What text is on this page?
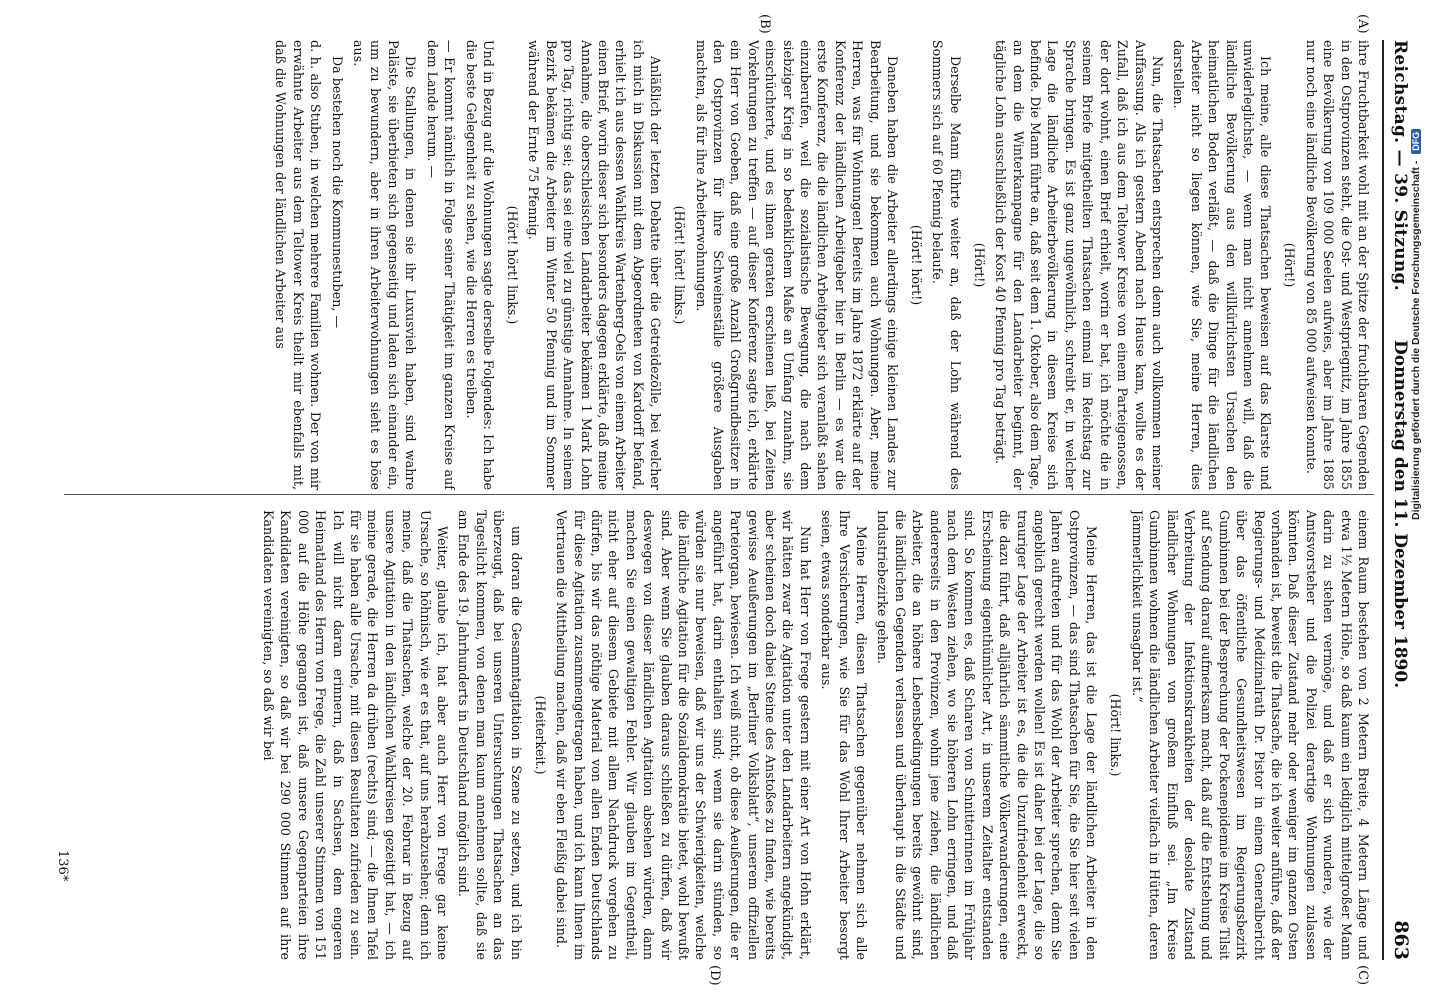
Reichstag. — 39. Sitzung.
Donnerstag den 11. Dezember 1890.
863
(A)
(B)
(C)
(D)

ihre Fruchtbarkeit wohl mit an der Spitze der fruchtbaren Gegenden in den Ostprovinzen steht, die Ost- und Westpriegnitz, im Jahre 1855 eine Bevölkerung von 109 000 Seelen aufwies, aber im Jahre 1885 nur noch eine ländliche Bevölkerung von 85 000 aufweisen konnte.

(Hört!)

Ich meine, alle diese Thatsachen beweisen auf das Klarste und unwiderleglichste, — wenn man nicht annehmen will, daß die ländliche Bevölkerung aus den willkürlichsten Ursachen den heimatlichen Boden verläßt, — daß die Dinge für die ländlichen Arbeiter nicht so liegen können, wie Sie, meine Herren, dies darstellen.

Nun, die Thatsachen entsprechen denn auch vollkommen meiner Auffassung. Als ich gestern Abend nach Hause kam, wollte es der Zufall, daß ich aus dem Teltower Kreise von einem Parteigenossen, der dort wohnt, einen Brief erhielt, worin er bat, ich möchte die in seinem Briefe mitgetheilten Thatsachen einmal im Reichstag zur Sprache bringen. Es ist ganz ungewöhnlich, schreibt er, in welcher Lage die ländliche Arbeiterbevölkerung in diesem Kreise sich befinde. Die Mann führte an, daß seit dem 1. Oktober, also dem Tage, an dem die Winterkampagne für den Landarbeiter beginnt, der tägliche Lohn ausschließlich der Kost 40 Pfennig pro Tag beträgt.

(Hört!)

Derselbe Mann führte weiter an, daß der Lohn während des Sommers sich auf 60 Pfennig belaufe.

(Hört! hört!)

Daneben haben die Arbeiter allerdings einige kleinen Landes zur Bearbeitung, und sie bekommen auch Wohnungen. Aber, meine Herren, was für Wohnungen! Bereits im Jahre 1872 erklärte auf der Konferenz der ländlichen Arbeitgeber hier in Berlin — es war die erste Konferenz, die die ländlichen Arbeitgeber sich veranlaßt sahen einzuberufen, weil die sozialistische Bewegung, die nach dem siebziger Krieg in so bedenklichem Maße an Umfang zunahm, sie einschüchterte, und es ihnen geraten erschienen ließ, bei Zeiten Vorkehrungen zu treffen — auf dieser Konferenz sagte ich, erklärte ein Herr von Goeben, daß eine große Anzahl Großgrundbesitzer in den Ostprovinzen für ihre Schweineställe größere Ausgaben machten, als für ihre Arbeiterwohnungen.

(Hört! hört! links.)

Anläßlich der letzten Debatte über die Getreidezölle, bei welcher ich mich in Diskussion mit dem Abgeordneten von Kardorff befand, erhielt ich aus dessen Wahlkreis Wartenberg-Oels von einem Arbeiter einen Brief, worin dieser sich besonders dagegen erklärte, daß meine Annahme, die oberschlesischen Landarbeiter bekämen 1 Mark Lohn pro Tag, richtig sei; das sei eine viel zu günstige Annahme. In seinem Bezirk bekämen die Arbeiter im Winter 50 Pfennig und im Sommer während der Ernte 75 Pfennig.

(Hört! hört! links.)

Und in Bezug auf die Wohnungen sagte derselbe Folgendes: Ich habe die beste Gelegenheit zu sehen, wie die Herren es treiben.

— Er kommt nämlich in Folge seiner Thätigkeit im ganzen Kreise auf dem Lande herum. —

Die Stallungen, in denen sie ihr Luxusvieh haben, sind wahre Paläste, sie überbieten sich gegenseitig und laden sich einander ein, um zu bewundern, aber in ihren Arbeiterwohnungen sieht es böse aus.

Da bestehen noch die Kommunestuben, —

d. h. also Stuben, in welchen mehrere Familien wohnen. Der von mir erwähnte Arbeiter aus dem Teltower Kreis theilt mir ebenfalls mit, daß die Wohnungen der ländlichen Arbeiter aus

einem Raum bestehen von 2 Metern Breite, 4 Metern Länge und etwa 1½ Metern Höhe, so daß kaum ein lediglich mittelgroßer Mann darin zu stehen vermöge, und daß er sich wundere, wie der Amtsvorsteher und die Polizei derartige Wohnungen zulassen könnten. Daß dieser Zustand mehr oder weniger im ganzen Osten vorhanden ist, beweist die Thatsache, die ich weiter anführe, daß der Regierungs- und Medizinalrath Dr. Pistor in einem Generalbericht über das öffentliche Gesundheitswesen im Regierungsbezirk Gumbinnen bei der Besprechung der Pockenepidemie im Kreise Tilsit auf Sendung darauf aufmerksam macht, daß auf die Entstehung und Verbreitung der Infektionskrankheiten der desolate Zustand ländlicher Wohnungen von großem Einfluß sei. „Im Kreise Gumbinnen wohnen die ländlichen Arbeiter vielfach in Hütten, deren Jämmerlichkeit unsagbar ist.“

(Hört! links.)

Meine Herren, das ist die Lage der ländlichen Arbeiter in den Ostprovinzen, — das sind Thatsachen für Sie, die Sie hier seit vielen Jahren auftreten und für das Wohl der Arbeiter sprechen, denn Sie angeblich gerecht werden wollen! Es ist daher bei der Lage, die so trauriger Lage der Arbeiter ist es, die die Unzufriedenheit erweckt, die dazu führt, daß alljährlich sämmtliche Völkerwanderungen, eine Erscheinung eigenthümlicher Art, in unserem Zeitalter entstanden sind. So kommen es, daß Scharen von Schnitterinnen im Frühjahr nach dem Westen ziehen, wo sie höheren Lohn erringen, und daß andererseits in den Provinzen, wohin jene ziehen, die ländlichen Arbeiter, die an höhere Lebensbedingungen bereits gewöhnt sind, die ländlichen Gegenden verlassen und überhaupt in die Städte und Industriebezirke gehen.

Meine Herren, diesen Thatsachen gegenüber nehmen sich alle Ihre Versicherungen, wie Sie für das Wohl Ihrer Arbeiter besorgt seien, etwas sonderbar aus.

Nun hat Herr von Frege gestern mit einer Art von Hohn erklärt, wir hätten zwar die Agitation unter den Landarbeitern angekündigt, aber scheinen doch dabei Steine des Anstoßes zu finden, wie bereits gewisse Aeußerungen im „Berliner Volksblatt“, unserem offiziellen Parteiorgan, bewiesen. Ich weiß nicht, ob diese Aeußerungen, die er angeführt hat, darin enthalten sind; wenn sie darin stünden, so würden sie nur beweisen, daß wir uns der Schwierigkeiten, welche die ländliche Agitation für die Sozialdemokratie bietet, wohl bewußt sind. Aber wenn Sie glauben daraus schließen zu dürfen, daß wir deswegen von dieser ländlichen Agitation absehen würden, dann machen Sie einen gewaltigen Fehler. Wir glauben im Gegentheil, nicht eher auf diesem Gebiete mit allem Nachdruck vorgehen zu dürfen, bis wir das nöthige Material von allen Enden Deutschlands für diese Agitation zusammengetragen haben, und ich kann Ihnen im Vertrauen die Mittheilung machen, daß wir eben Fleißig dabei sind.

(Heiterkeit.)

um doran die Gesammtagitation in Szene zu setzen, und ich bin überzeugt, daß bei unseren Untersuchungen Thatsachen an das Tageslicht kommen, von denen man kaum annehmen sollte, daß sie am Ende des 19. Jahrhunderts in Deutschland möglich sind.

Weiter, glaube ich, hat aber auch Herr von Frege gar keine Ursache, so höhnisch, wie er es that, auf uns herabzusehen; denn ich meine, daß die Thatsachen, welche der 20. Februar in Bezug auf unsere Agitation in den ländlichen Wahlkreisen gezeitigt hat, — ich meine gerade, die Herren da drüben (rechts) sind; — die Ihnen Tafel für sie haben alle Ursache, mit diesen Resultaten zufrieden zu sein. Ich will nicht daran erinnern, daß in Sachsen, dem engeren Heimatland des Herrn von Frege, die Zahl unserer Stimmen von 151 000 auf die Höhe gegangen ist, daß unsere Gegenparteien ihre Kandidaten vereinigten, so daß wir bei 290 000 Stimmen auf ihre Kandidaten vereinigten, so daß wir bei

136*
Digitalisierung gefördert durch die Deutsche Forschungsgemeinschaft - DFG
